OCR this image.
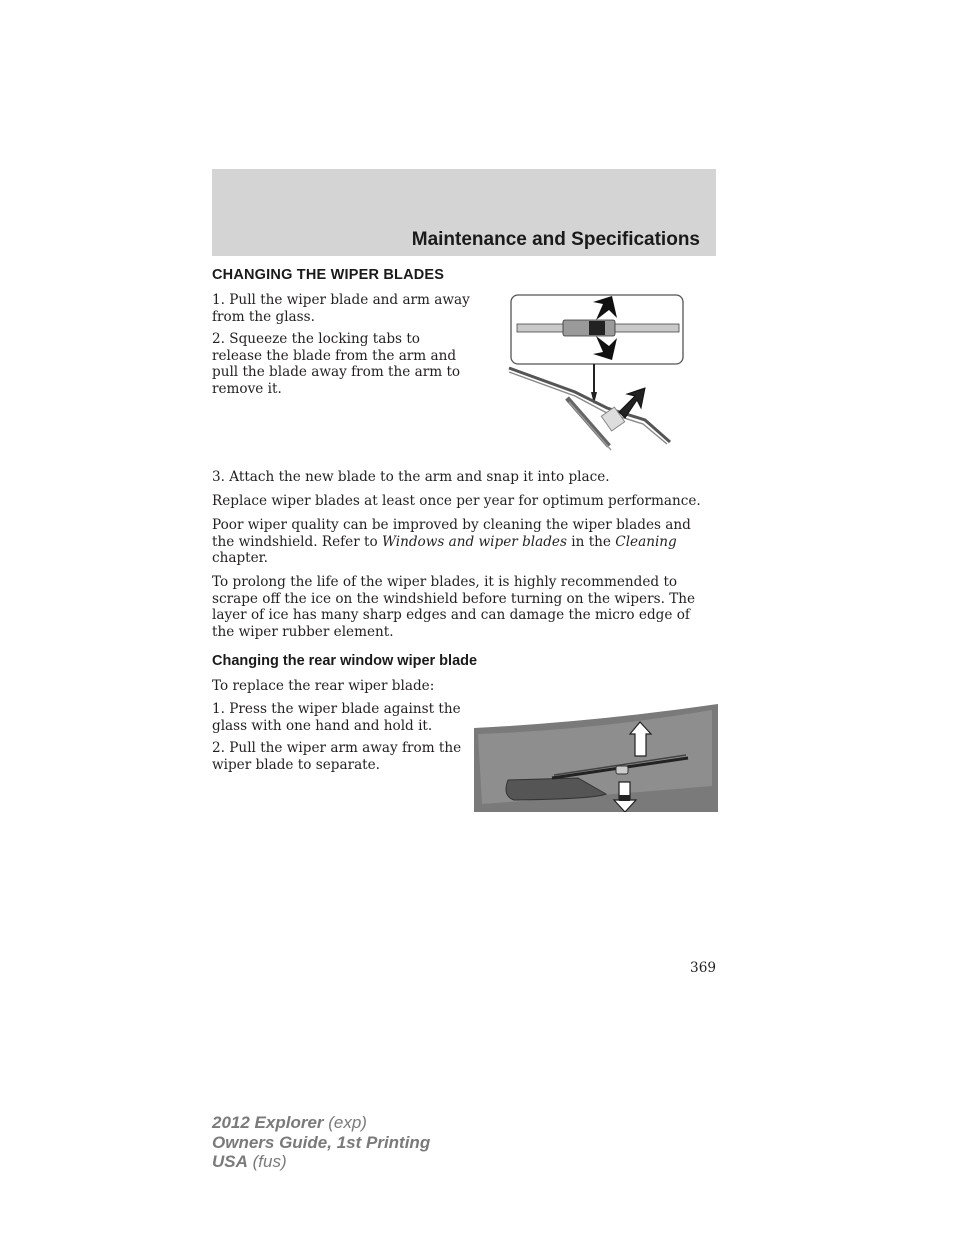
Maintenance and Specifications
CHANGING THE WIPER BLADES

1. Pull the wiper blade and arm away from the glass.

2. Squeeze the locking tabs to release the blade from the arm and pull the blade away from the arm to remove it.

3. Attach the new blade to the arm and snap it into place.

Replace wiper blades at least once per year for optimum performance.

Poor wiper quality can be improved by cleaning the wiper blades and the windshield. Refer to Windows and wiper blades in the Cleaning chapter.

To prolong the life of the wiper blades, it is highly recommended to scrape off the ice on the windshield before turning on the wipers. The layer of ice has many sharp edges and can damage the micro edge of the wiper rubber element.

Changing the rear window wiper blade

To replace the rear wiper blade:

1. Press the wiper blade against the glass with one hand and hold it.

2. Pull the wiper arm away from the wiper blade to separate.

369
2012 Explorer (exp)
Owners Guide, 1st Printing
USA (fus)
